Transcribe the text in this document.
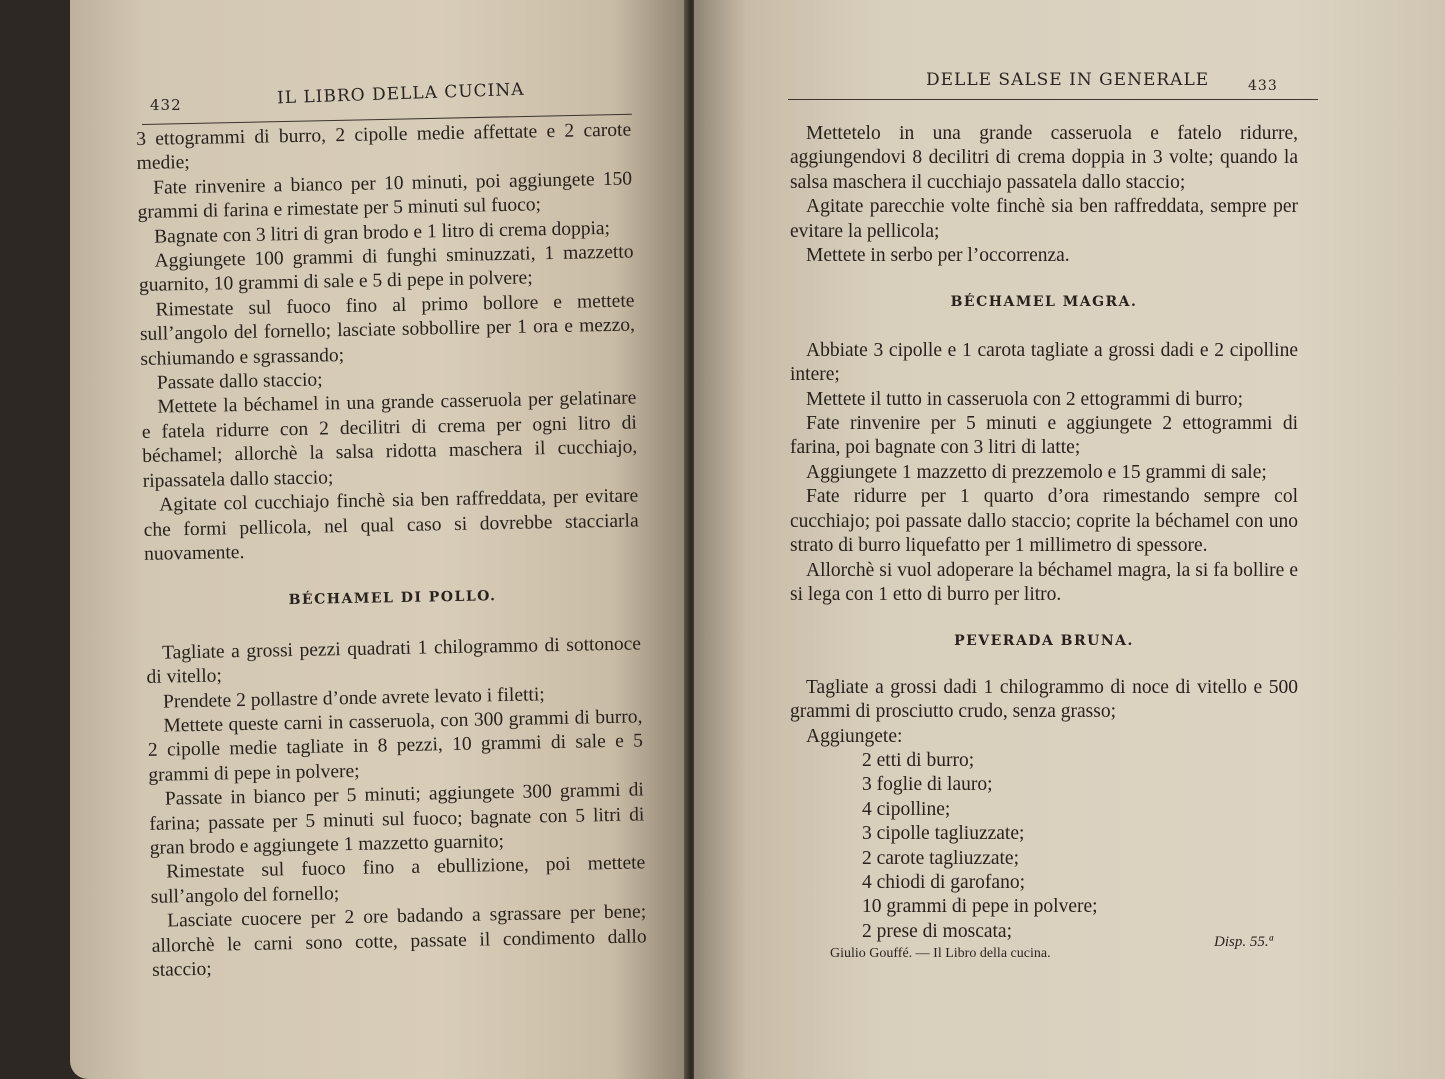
432	IL LIBRO DELLA CUCINA

3 ettogrammi di burro, 2 cipolle medie affettate e 2 carote medie;

Fate rinvenire a bianco per 10 minuti, poi aggiungete 150 grammi di farina e rimestate per 5 minuti sul fuoco;

Bagnate con 3 litri di gran brodo e 1 litro di crema doppia;

Aggiungete 100 grammi di funghi sminuzzati, 1 mazzetto guarnito, 10 grammi di sale e 5 di pepe in polvere;

Rimestate sul fuoco fino al primo bollore e mettete sull’angolo del fornello; lasciate sobbollire per 1 ora e mezzo, schiumando e sgrassando;

Passate dallo staccio;

Mettete la béchamel in una grande casseruola per gelatinare e fatela ridurre con 2 decilitri di crema per ogni litro di béchamel; allorchè la salsa ridotta maschera il cucchiajo, ripassatela dallo staccio;

Agitate col cucchiajo finchè sia ben raffreddata, per evitare che formi pellicola, nel qual caso si dovrebbe stacciarla nuovamente.

BÉCHAMEL DI POLLO.

Tagliate a grossi pezzi quadrati 1 chilogrammo di sottonoce di vitello;

Prendete 2 pollastre d’onde avrete levato i filetti;

Mettete queste carni in casseruola, con 300 grammi di burro, 2 cipolle medie tagliate in 8 pezzi, 10 grammi di sale e 5 grammi di pepe in polvere;

Passate in bianco per 5 minuti; aggiungete 300 grammi di farina; passate per 5 minuti sul fuoco; bagnate con 5 litri di gran brodo e aggiungete 1 mazzetto guarnito;

Rimestate sul fuoco fino a ebullizione, poi mettete sull’angolo del fornello;

Lasciate cuocere per 2 ore badando a sgrassare per bene; allorchè le carni sono cotte, passate il condimento dallo staccio;

DELLE SALSE IN GENERALE	433

Mettetelo in una grande casseruola e fatelo ridurre, aggiungendovi 8 decilitri di crema doppia in 3 volte; quando la salsa maschera il cucchiajo passatela dallo staccio;

Agitate parecchie volte finchè sia ben raffreddata, sempre per evitare la pellicola;

Mettete in serbo per l’occorrenza.

BÉCHAMEL MAGRA.

Abbiate 3 cipolle e 1 carota tagliate a grossi dadi e 2 cipolline intere;

Mettete il tutto in casseruola con 2 ettogrammi di burro;

Fate rinvenire per 5 minuti e aggiungete 2 ettogrammi di farina, poi bagnate con 3 litri di latte;

Aggiungete 1 mazzetto di prezzemolo e 15 grammi di sale;

Fate ridurre per 1 quarto d’ora rimestando sempre col cucchiajo; poi passate dallo staccio; coprite la béchamel con uno strato di burro liquefatto per 1 millimetro di spessore.

Allorchè si vuol adoperare la béchamel magra, la si fa bollire e si lega con 1 etto di burro per litro.

PEVERADA BRUNA.

Tagliate a grossi dadi 1 chilogrammo di noce di vitello e 500 grammi di prosciutto crudo, senza grasso;

Aggiungete:

2 etti di burro;

3 foglie di lauro;

4 cipolline;

3 cipolle tagliuzzate;

2 carote tagliuzzate;

4 chiodi di garofano;

10 grammi di pepe in polvere;

2 prese di moscata;

Giulio Gouffé. — Il Libro della cucina.
Disp. 55.ª
